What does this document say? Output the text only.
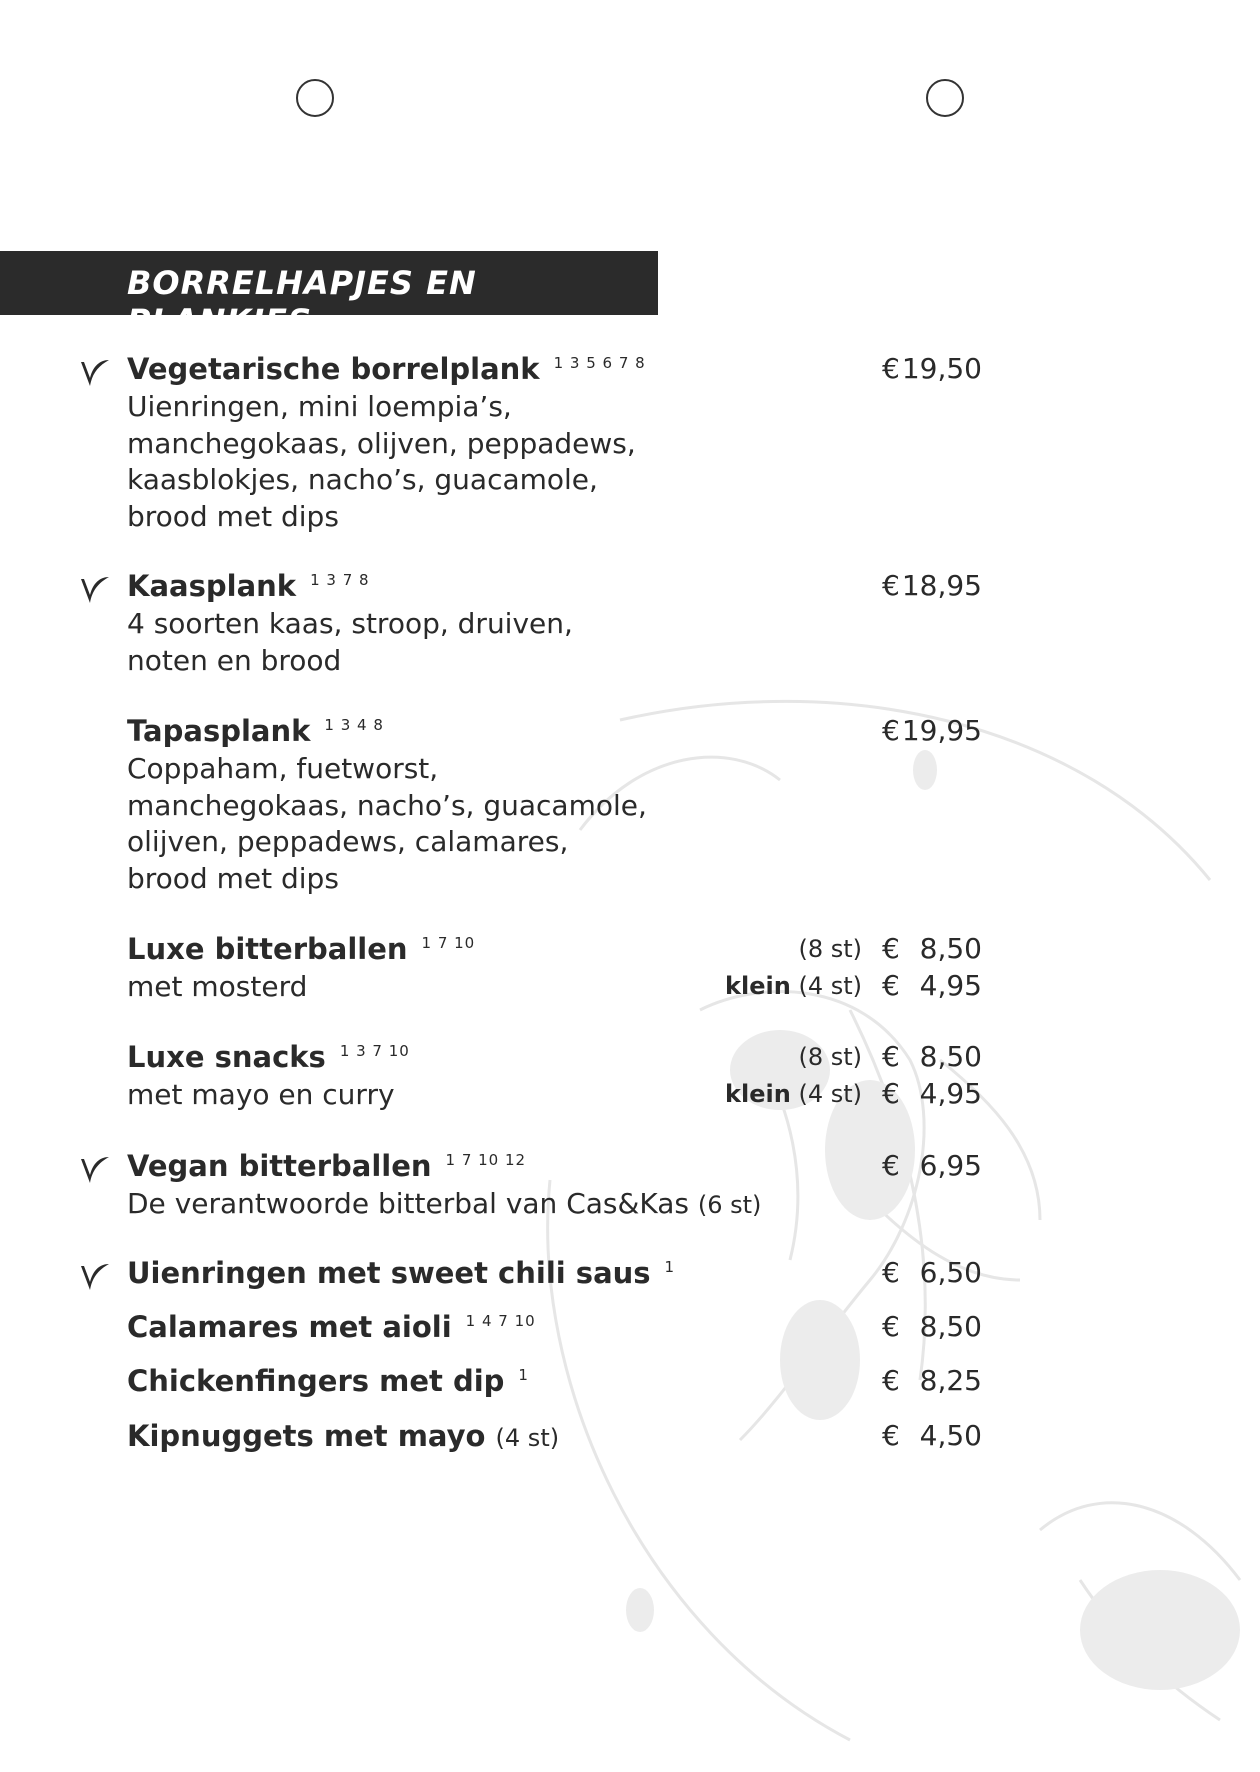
BORRELHAPJES EN PLANKJES
Vegetarische borrelplank $^{1 3 5 6 7 8}$
Uienringen, mini loempia’s,
manchegokaas, olijven, peppadews,
kaasblokjes, nacho’s, guacamole,
brood met dips
€ 19,50
Kaasplank $^{1 3 7 8}$
4 soorten kaas, stroop, druiven,
noten en brood
€ 18,95
Tapasplank $^{1 3 4 8}$
Coppaham, fuetworst,
manchegokaas, nacho’s, guacamole,
olijven, peppadews, calamares,
brood met dips
€ 19,95
Luxe bitterballen $^{1 7 10}$
met mosterd
(8 st) € 8,50
klein (4 st) € 4,95
Luxe snacks $^{1 3 7 10}$
met mayo en curry
(8 st) € 8,50
klein (4 st) € 4,95
Vegan bitterballen $^{1 7 10 12}$
De verantwoorde bitterbal van Cas&Kas (6 st)
€ 6,95
Uienringen met sweet chili saus $^1$	€ 6,50
Calamares met aioli $^{1 4 7 10}$	€ 8,50
Chickenfingers met dip $^1$	€ 8,25
Kipnuggets met mayo (4 st)	€ 4,50
